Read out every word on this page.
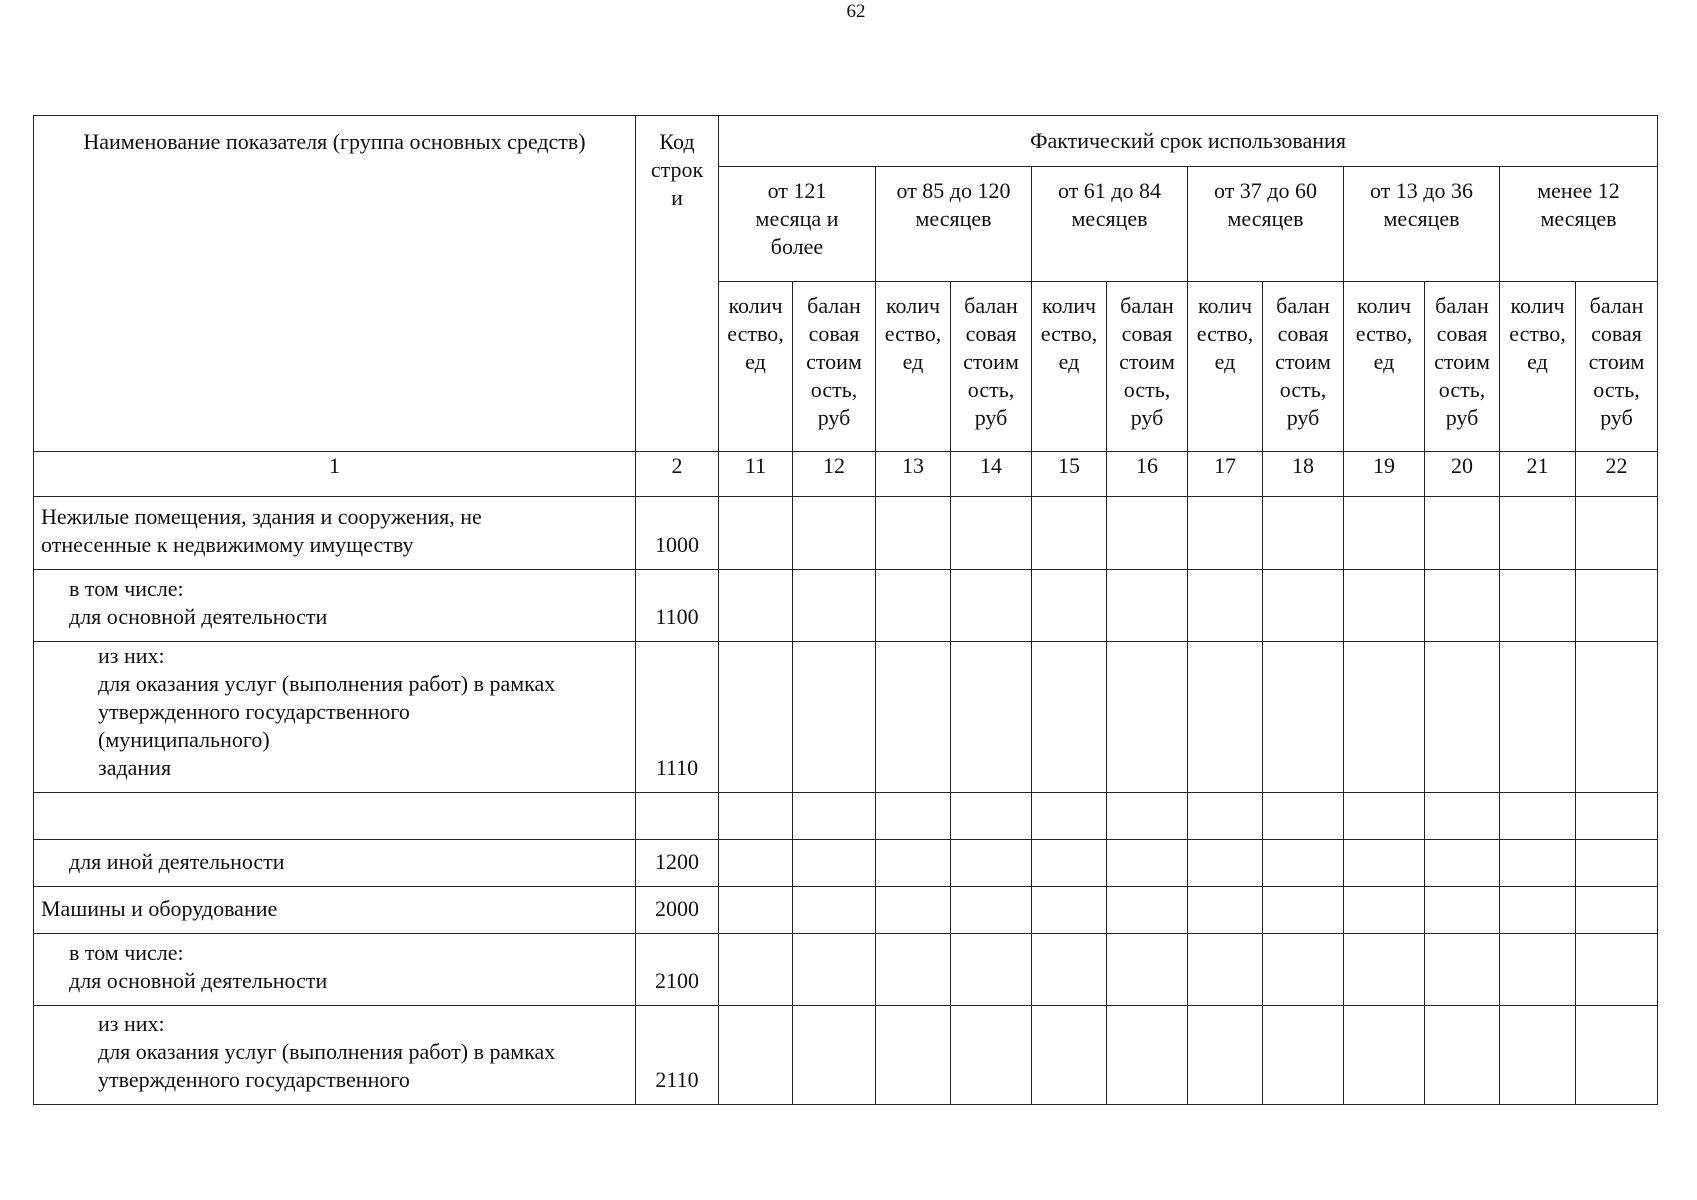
62
Наименование показателя (группа основных средств)	Код
строк
и	Фактический срок использования											

		от 121
месяца и
более		от 85 до 120
месяцев		от 61 до 84
месяцев		от 37 до 60
месяцев		от 13 до 36
месяцев		менее 12
месяцев	

		колич
ество,
ед	балан
совая
стоим
ость,
руб	колич
ество,
ед	балан
совая
стоим
ость,
руб	колич
ество,
ед	балан
совая
стоим
ость,
руб	колич
ество,
ед	балан
совая
стоим
ость,
руб	колич
ество,
ед	балан
совая
стоим
ость,
руб	колич
ество,
ед	балан
совая
стоим
ость,
руб

1	2	11	12	13	14	15	16	17	18	19	20	21	22

Нежилые помещения, здания и сооружения, не
отнесенные к недвижимому имуществу	1000												

в том числе:
для основной деятельности	1100												

из них:
для оказания услуг (выполнения работ) в рамках
утвержденного государственного
(муниципального)
задания	1110												

для иной деятельности	1200												

Машины и оборудование	2000												

в том числе:
для основной деятельности	2100												

из них:
для оказания услуг (выполнения работ) в рамках
утвержденного государственного	2110												
